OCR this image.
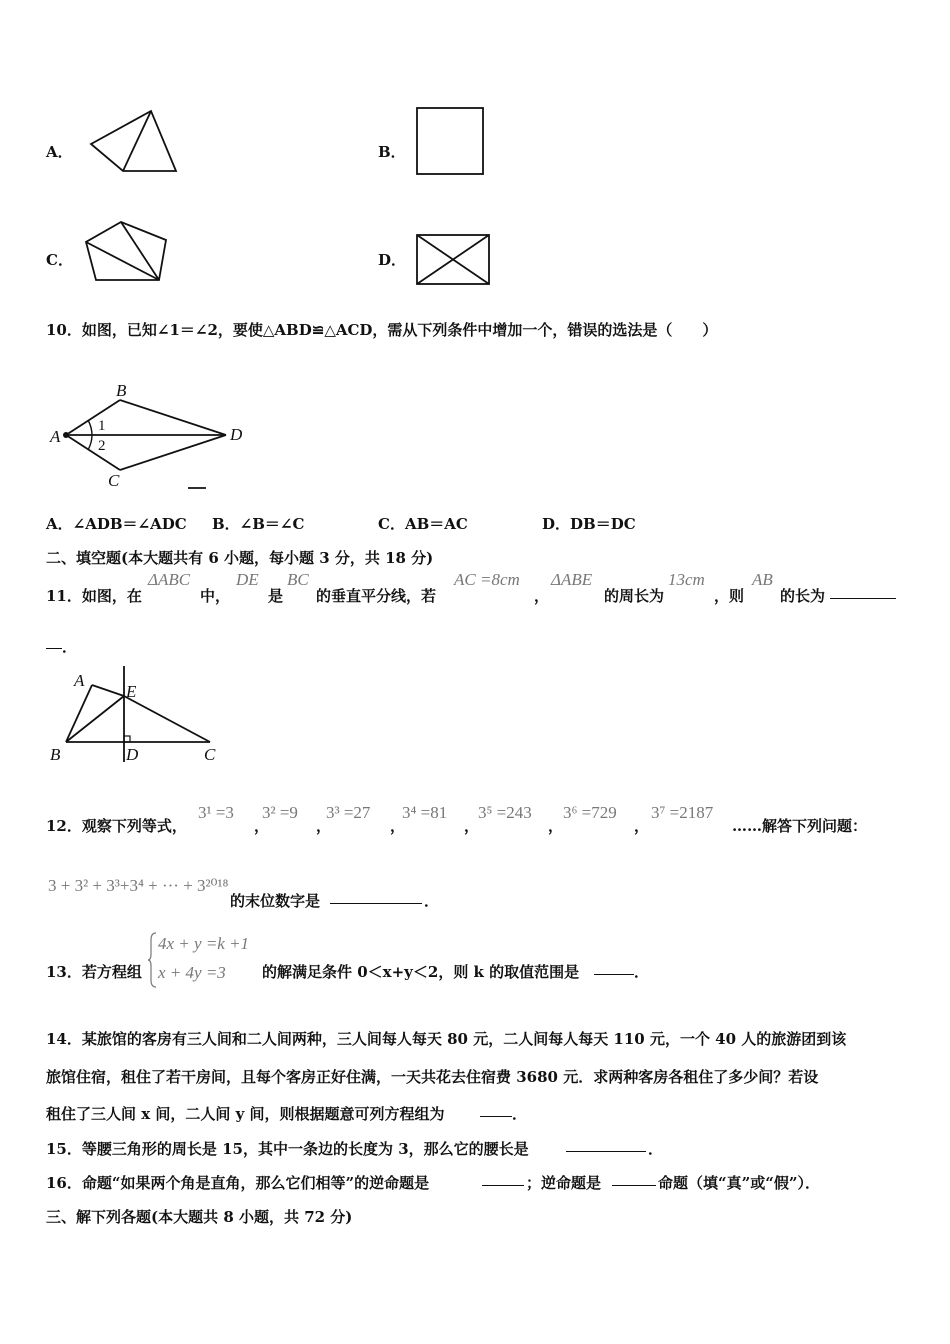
A．	B．
C．	D．
10．如图，已知∠1＝∠2，要使△ABD≌△ACD，需从下列条件中增加一个，错误的选法是（　　）
A
B
D
C
1
2
A．∠ADB＝∠ADC B．∠B＝∠C	C．AB＝AC	D．DB＝DC
二、填空题(本大题共有 6 小题，每小题 3 分，共 18 分)
11．如图，在
ΔABC
中，
DE
是
BC
的垂直平分线，若
AC =8cm
，
ΔABE
的周长为
13cm
，则
AB
的长为
．
A
E
B	D	C
12．观察下列等式，
3¹ =3 3² =9 3³ =27 3⁴ =81 3⁵ =243 3⁶ =729 3⁷ =2187
，	，	，	，	，	，	……解答下列问题：
3 + 3² + 3³+3⁴ + ··· + 3²⁰¹⁸
的末位数字是	．
13．若方程组
4x + y =k +1
x + 4y =3 的解满足条件 0＜x+y＜2，则 k 的取值范围是	．
14．某旅馆的客房有三人间和二人间两种，三人间每人每天 80 元，二人间每人每天 110 元，一个 40 人的旅游团到该
旅馆住宿，租住了若干房间，且每个客房正好住满，一天共花去住宿费 3680 元．求两种客房各租住了多少间？若设
租住了三人间 x 间，二人间 y 间，则根据题意可列方程组为	．
15．等腰三角形的周长是 15，其中一条边的长度为 3，那么它的腰长是	．
16．命题“如果两个角是直角，那么它们相等”的逆命题是	；逆命题是	命题（填“真”或“假”）．
三、解下列各题(本大题共 8 小题，共 72 分)
